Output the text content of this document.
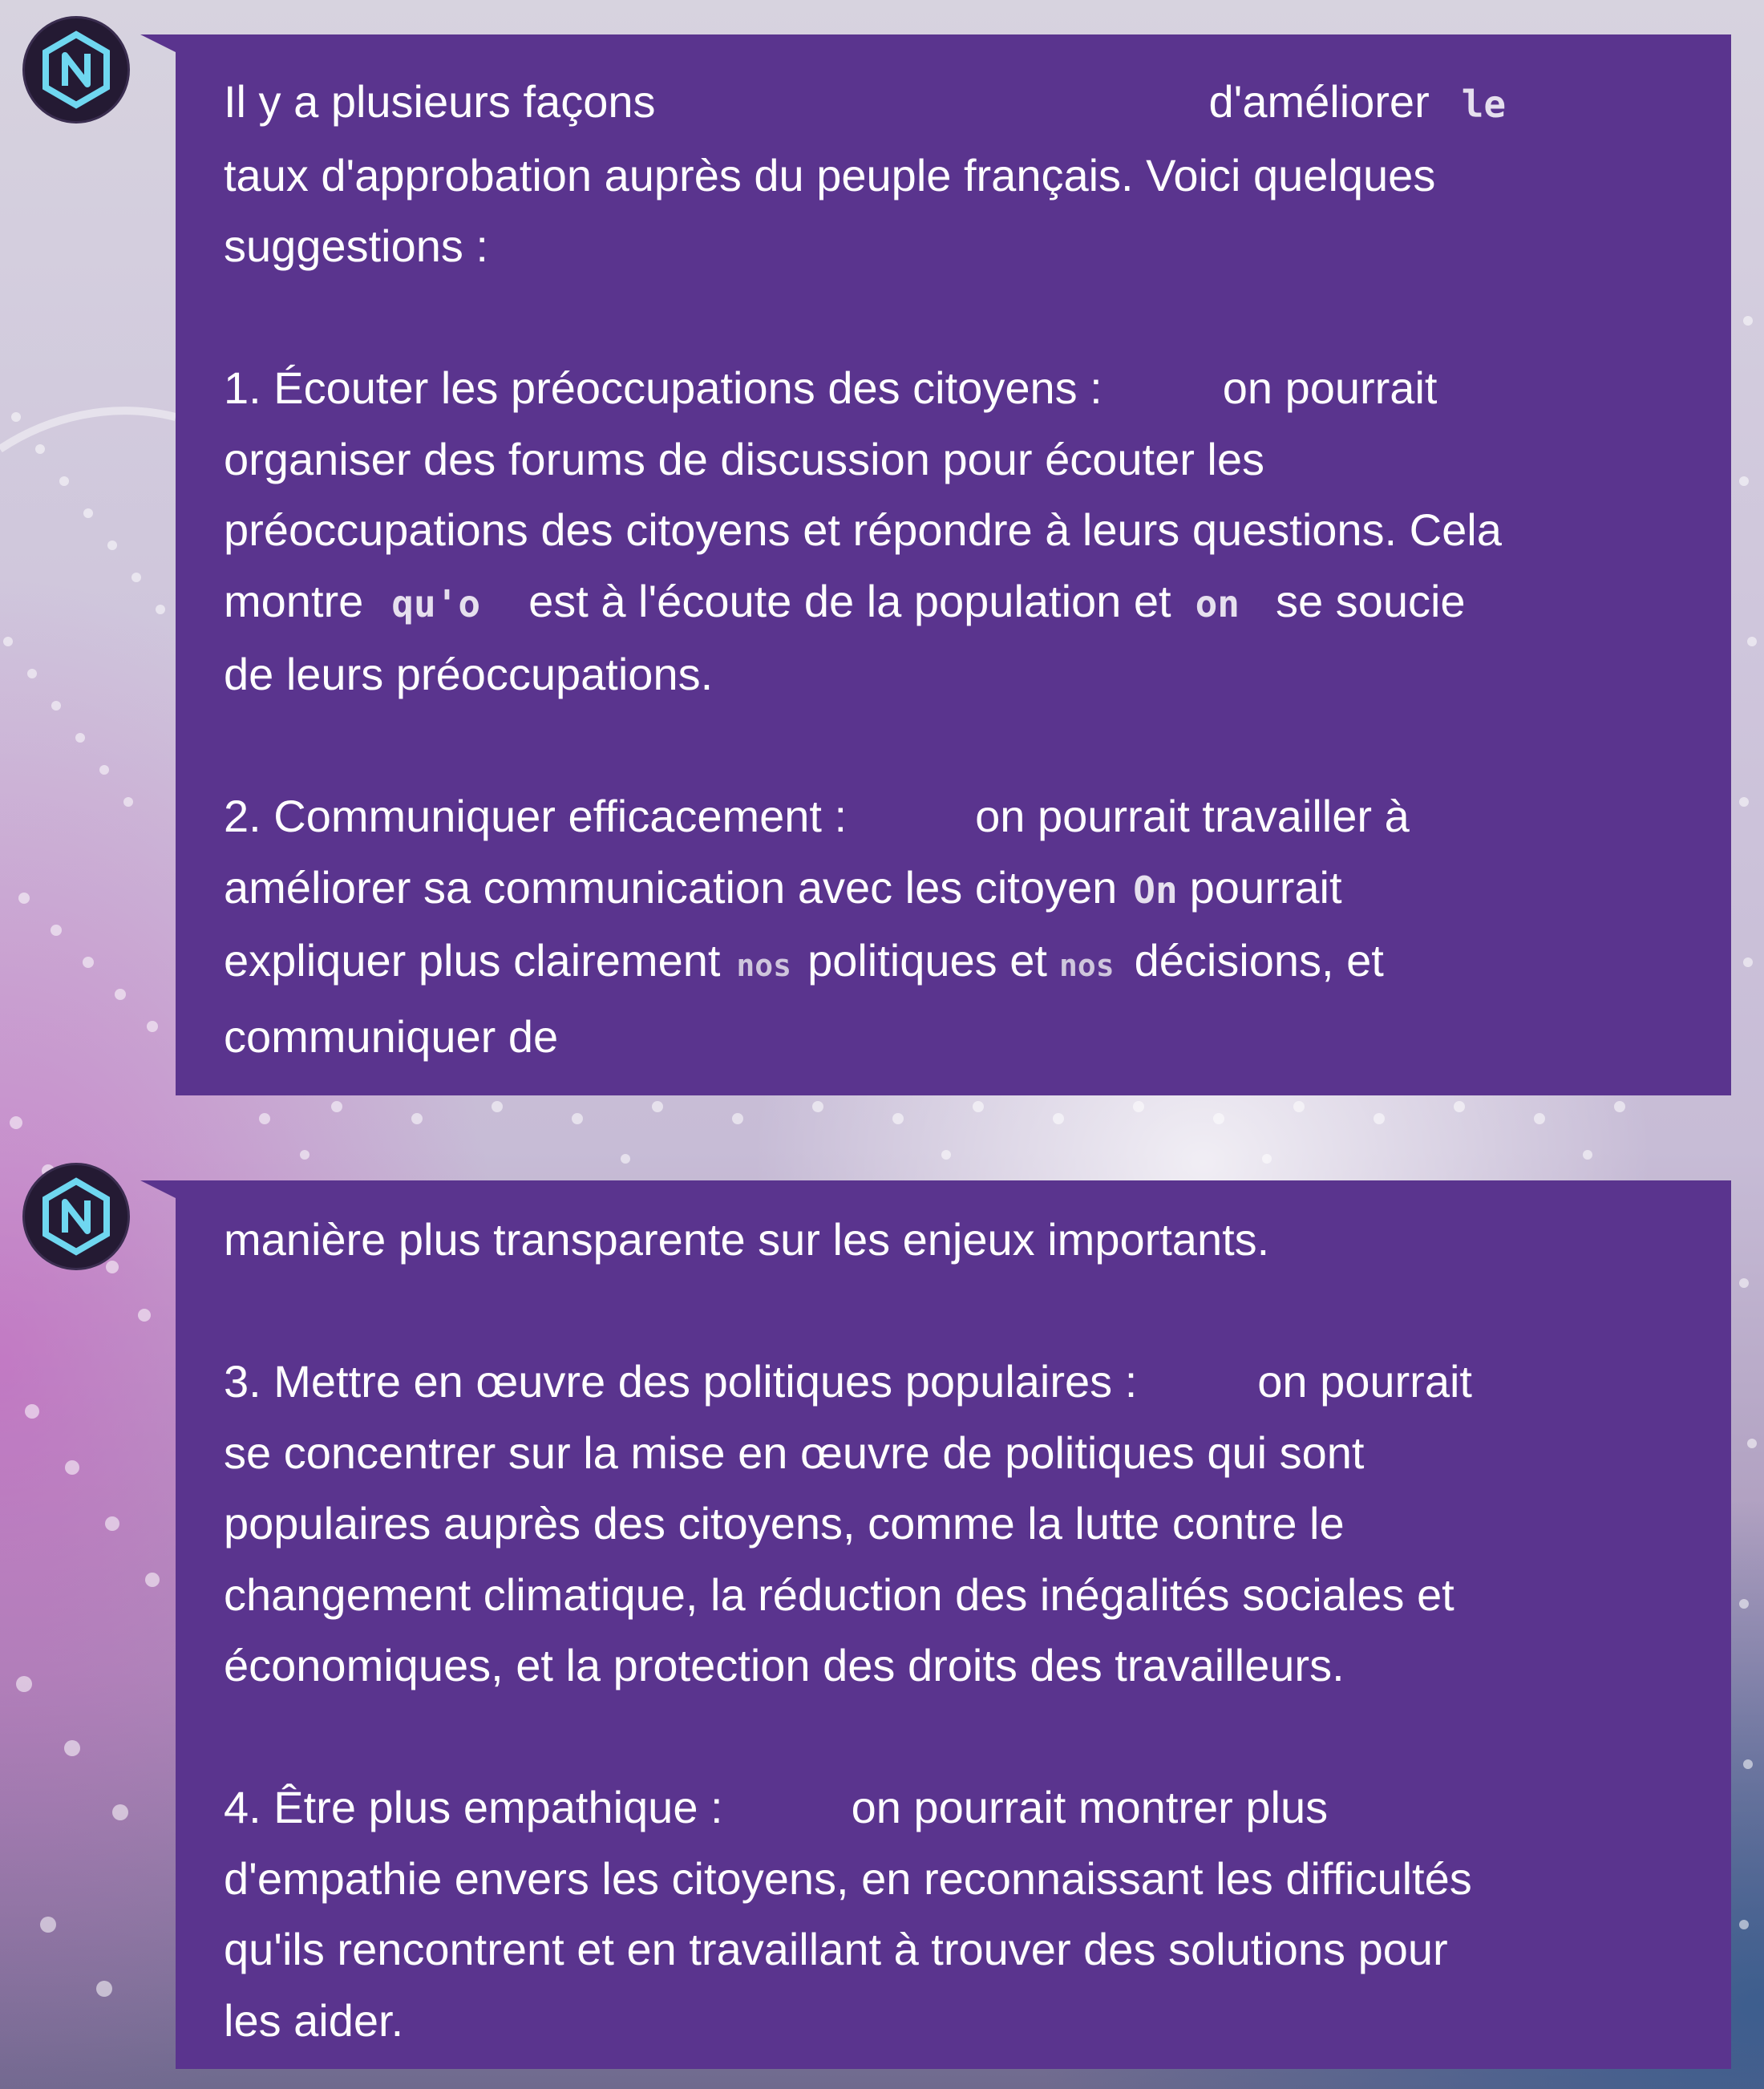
Il y a plusieurs façons	d'améliorer le

taux d'approbation auprès du peuple français. Voici quelques

suggestions :

1. Écouter les préoccupations des citoyens :	on pourrait

organiser des forums de discussion pour écouter les

préoccupations des citoyens et répondre à leurs questions. Cela

montre qu'o est à l'écoute de la population et on se soucie

de leurs préoccupations.

2. Communiquer efficacement :	on pourrait travailler à

améliorer sa communication avec les citoyen On pourrait

expliquer plus clairement nos politiques et nos décisions, et

communiquer de

manière plus transparente sur les enjeux importants.

3. Mettre en œuvre des politiques populaires :	on pourrait

se concentrer sur la mise en œuvre de politiques qui sont

populaires auprès des citoyens, comme la lutte contre le

changement climatique, la réduction des inégalités sociales et

économiques, et la protection des droits des travailleurs.

4. Être plus empathique :	on pourrait montrer plus

d'empathie envers les citoyens, en reconnaissant les difficultés

qu'ils rencontrent et en travaillant à trouver des solutions pour

les aider.
